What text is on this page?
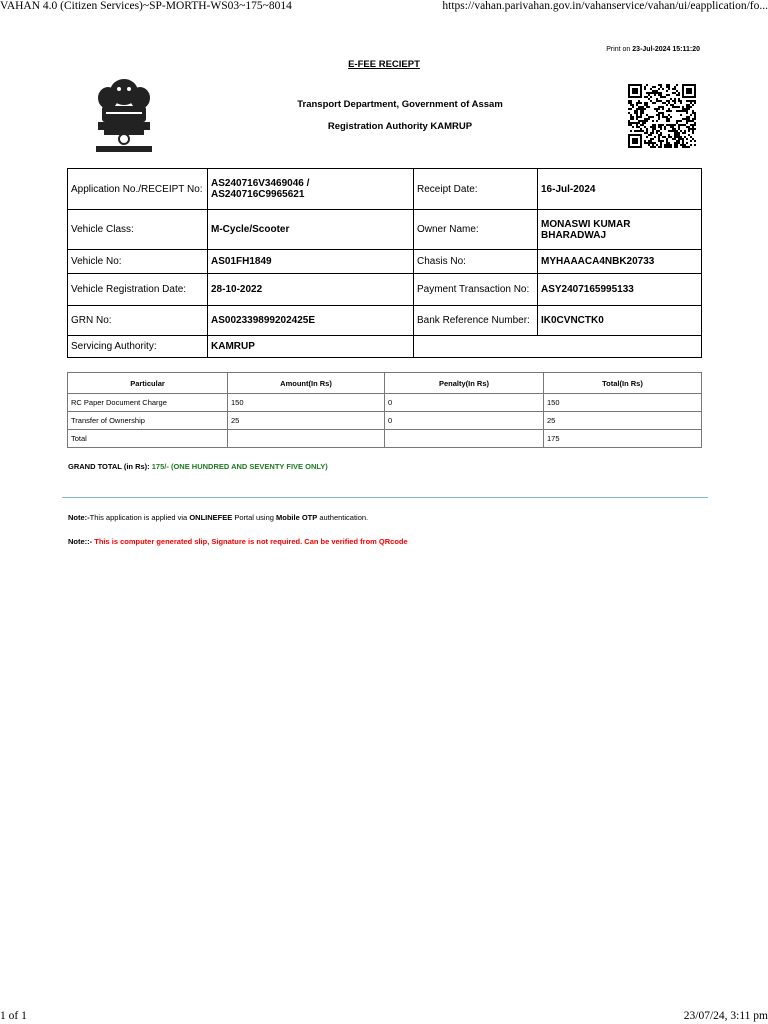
VAHAN 4.0 (Citizen Services)~SP-MORTH-WS03~175~8014	https://vahan.parivahan.gov.in/vahanservice/vahan/ui/eapplication/fo...
Print on 23-Jul-2024 15:11:20
E-FEE RECIEPT
Transport Department, Government of Assam
Registration Authority KAMRUP
Application No./RECEIPT No:	AS240716V3469046 /
AS240716C9965621	Receipt Date:	16-Jul-2024
Vehicle Class:	M-Cycle/Scooter	Owner Name:	MONASWI KUMAR
BHARADWAJ
Vehicle No:	AS01FH1849	Chasis No:	MYHAAACA4NBK20733
Vehicle Registration Date:	28-10-2022	Payment Transaction No:	ASY2407165995133
GRN No:	AS002339899202425E	Bank Reference Number:	IK0CVNCTK0
Servicing Authority:	KAMRUP		
Particular	Amount(In Rs)	Penalty(In Rs)	Total(In Rs)
RC Paper Document Charge	150	0	150
Transfer of Ownership	25	0	25
Total			175
GRAND TOTAL (in Rs): 175/- (ONE HUNDRED AND SEVENTY FIVE ONLY)
Note:-This application is applied via ONLINEFEE Portal using Mobile OTP authentication.
Note::- This is computer generated slip, Signature is not required. Can be verified from QRcode
1 of 1	23/07/24, 3:11 pm
